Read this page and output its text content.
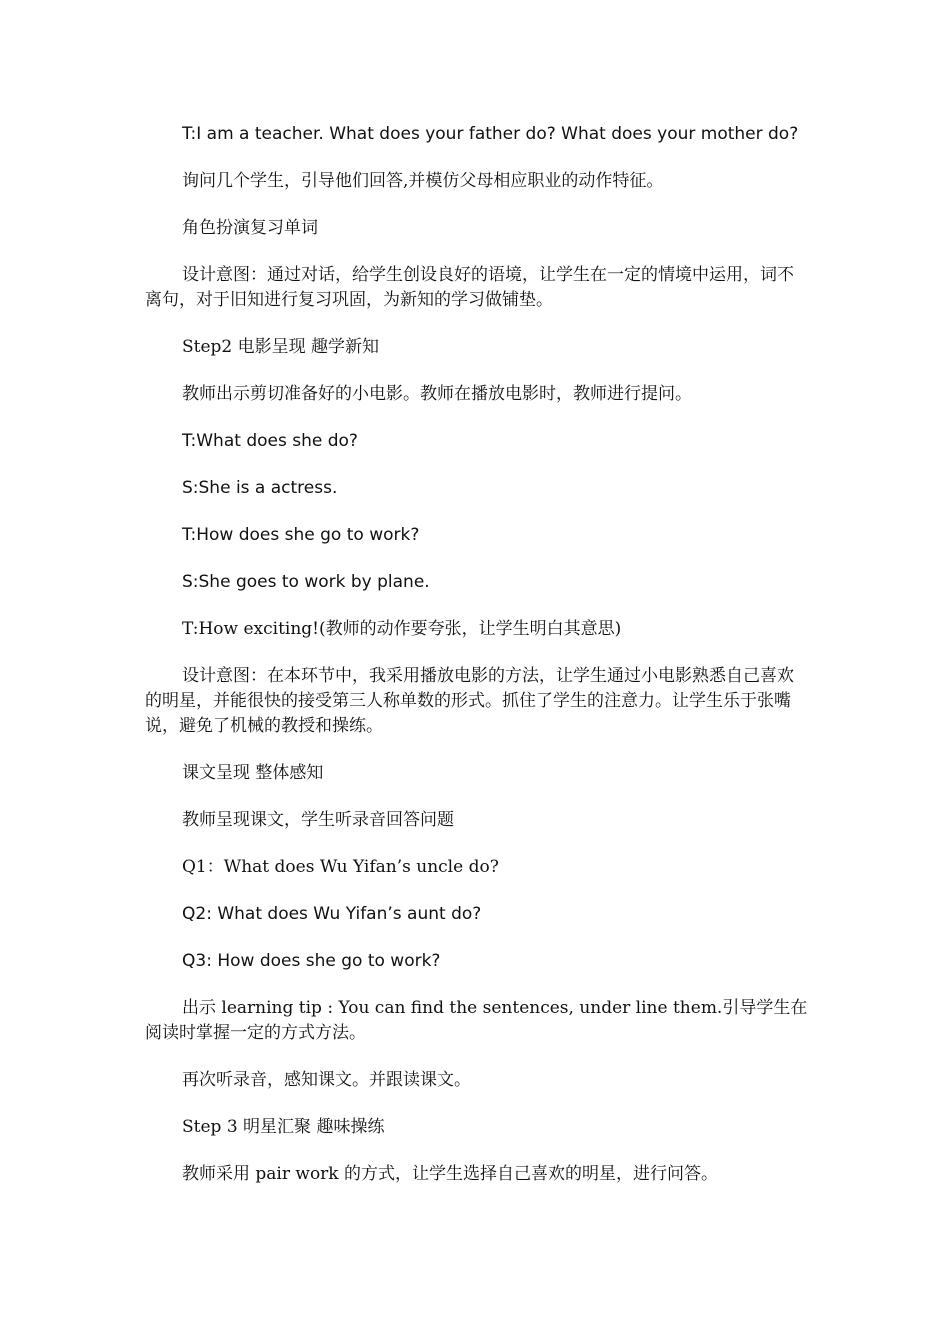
T:I am a teacher. What does your father do? What does your mother do?

询问几个学生，引导他们回答,并模仿父母相应职业的动作特征。

角色扮演复习单词

设计意图：通过对话，给学生创设良好的语境，让学生在一定的情境中运用，词不离句，对于旧知进行复习巩固，为新知的学习做铺垫。

Step2 电影呈现 趣学新知

教师出示剪切准备好的小电影。教师在播放电影时，教师进行提问。

T:What does she do?

S:She is a actress.

T:How does she go to work?

S:She goes to work by plane.

T:How exciting!(教师的动作要夸张，让学生明白其意思)

设计意图：在本环节中，我采用播放电影的方法，让学生通过小电影熟悉自己喜欢的明星，并能很快的接受第三人称单数的形式。抓住了学生的注意力。让学生乐于张嘴说，避免了机械的教授和操练。

课文呈现 整体感知

教师呈现课文，学生听录音回答问题

Q1：What does Wu Yifan’s uncle do?

Q2: What does Wu Yifan’s aunt do?

Q3: How does she go to work?

出示 learning tip : You can find the sentences, under line them.引导学生在阅读时掌握一定的方式方法。

再次听录音，感知课文。并跟读课文。

Step 3 明星汇聚 趣味操练

教师采用 pair work 的方式，让学生选择自己喜欢的明星，进行问答。
